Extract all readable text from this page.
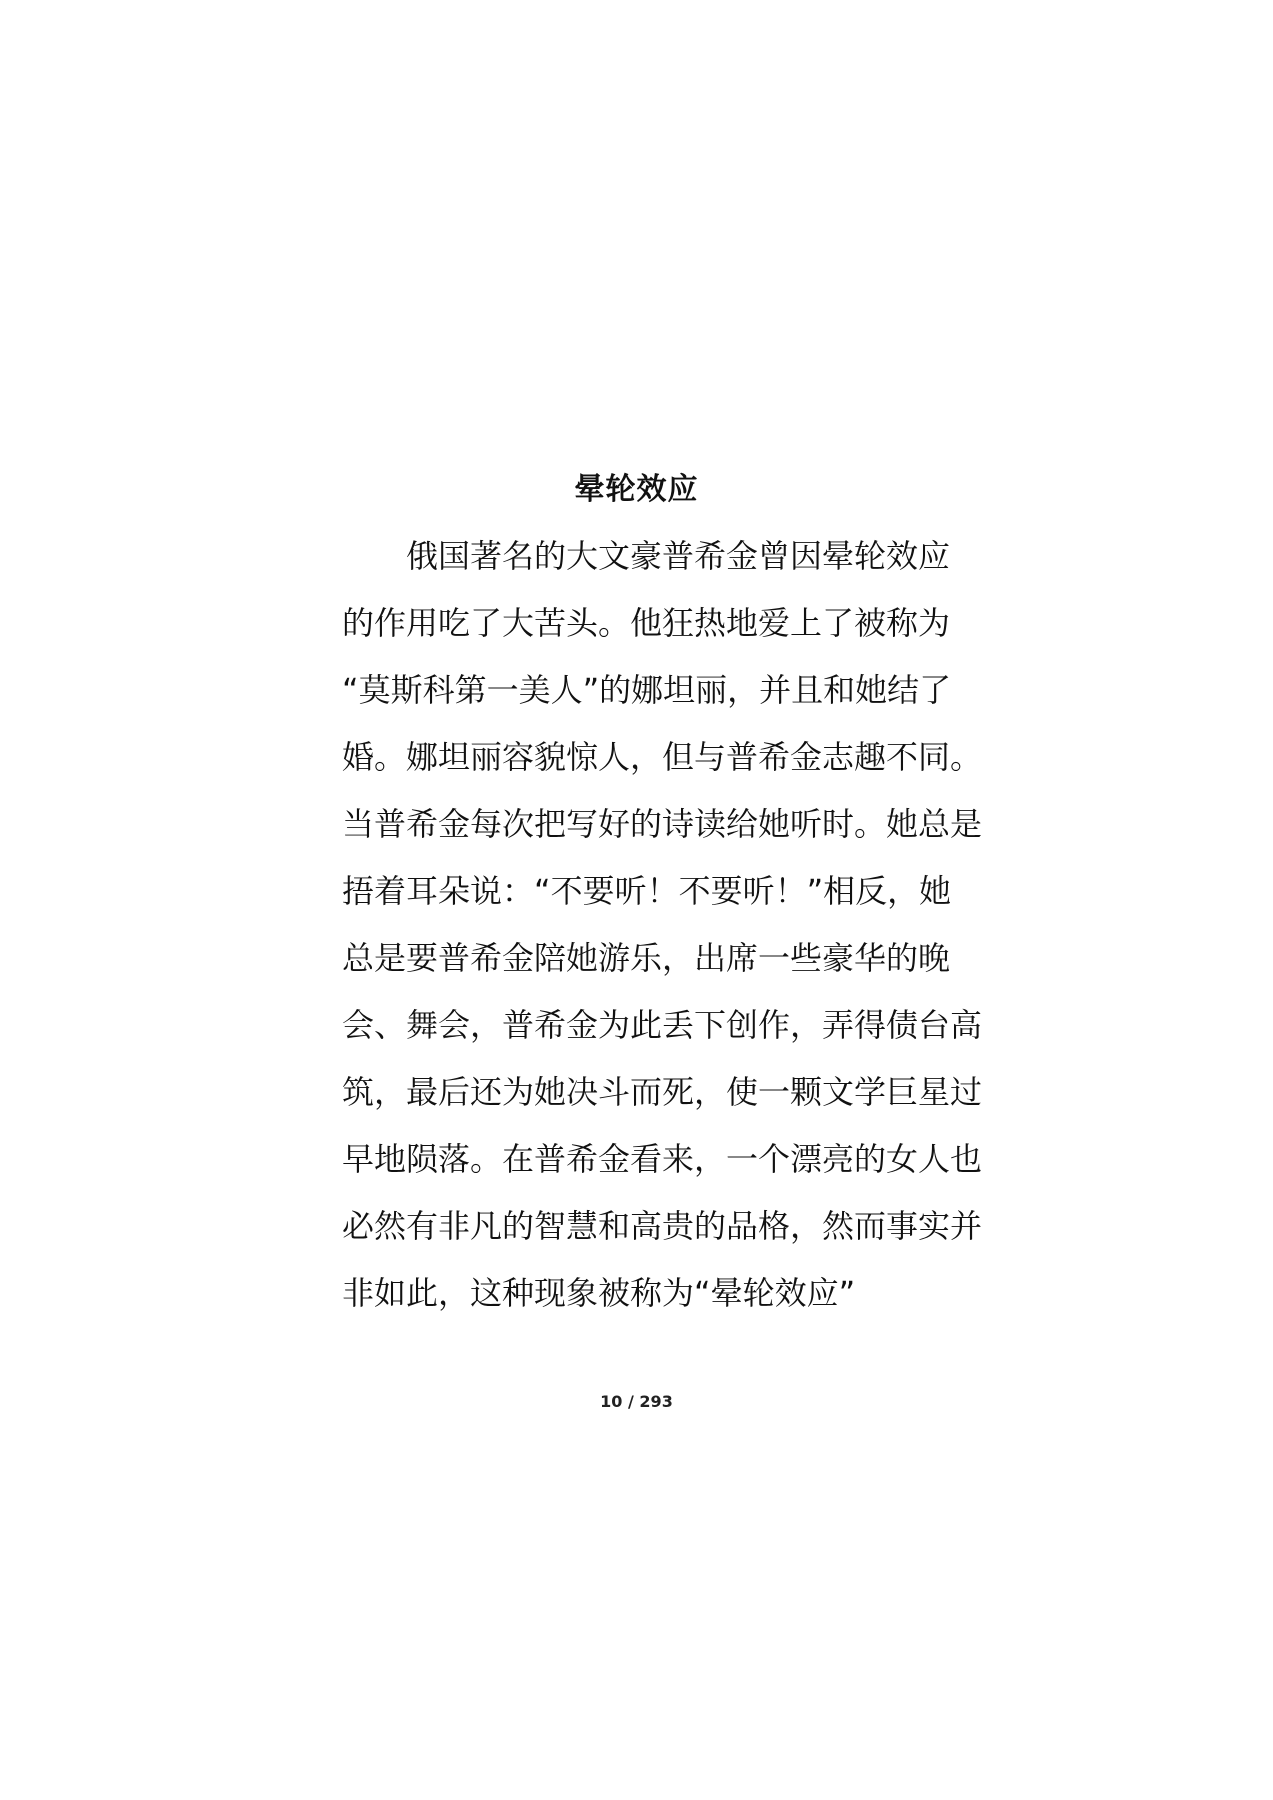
晕轮效应
俄国著名的大文豪普希金曾因晕轮效应
的作用吃了大苦头。他狂热地爱上了被称为
“莫斯科第一美人”的娜坦丽，并且和她结了
婚。娜坦丽容貌惊人，但与普希金志趣不同。
当普希金每次把写好的诗读给她听时。她总是
捂着耳朵说：“不要听！不要听！”相反，她
总是要普希金陪她游乐，出席一些豪华的晚
会、舞会，普希金为此丢下创作，弄得债台高
筑，最后还为她决斗而死，使一颗文学巨星过
早地陨落。在普希金看来，一个漂亮的女人也
必然有非凡的智慧和高贵的品格，然而事实并
非如此，这种现象被称为“晕轮效应”
10 / 293
